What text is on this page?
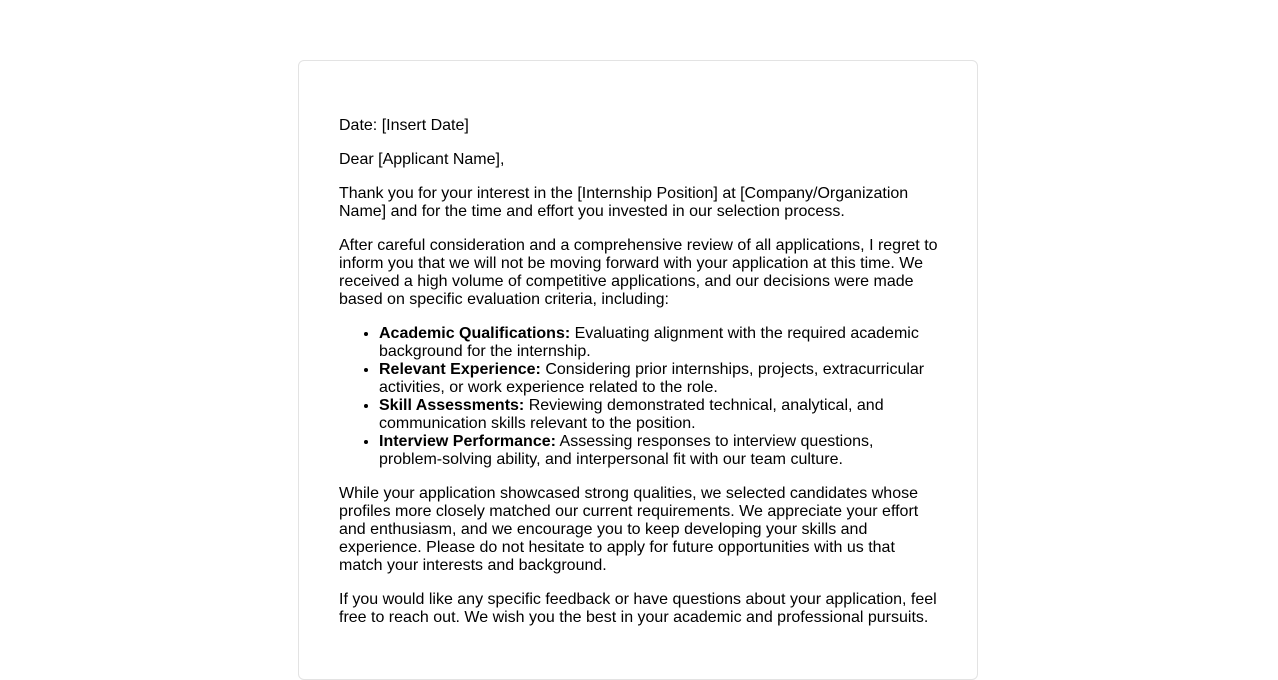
Date: [Insert Date]

Dear [Applicant Name],

Thank you for your interest in the [Internship Position] at [Company/Organization Name] and for the time and effort you invested in our selection process.

After careful consideration and a comprehensive review of all applications, I regret to inform you that we will not be moving forward with your application at this time. We received a high volume of competitive applications, and our decisions were made based on specific evaluation criteria, including:

• Academic Qualifications: Evaluating alignment with the required academic background for the internship.
• Relevant Experience: Considering prior internships, projects, extracurricular activities, or work experience related to the role.
• Skill Assessments: Reviewing demonstrated technical, analytical, and communication skills relevant to the position.
• Interview Performance: Assessing responses to interview questions, problem-solving ability, and interpersonal fit with our team culture.

While your application showcased strong qualities, we selected candidates whose profiles more closely matched our current requirements. We appreciate your effort and enthusiasm, and we encourage you to keep developing your skills and experience. Please do not hesitate to apply for future opportunities with us that match your interests and background.

If you would like any specific feedback or have questions about your application, feel free to reach out. We wish you the best in your academic and professional pursuits.
